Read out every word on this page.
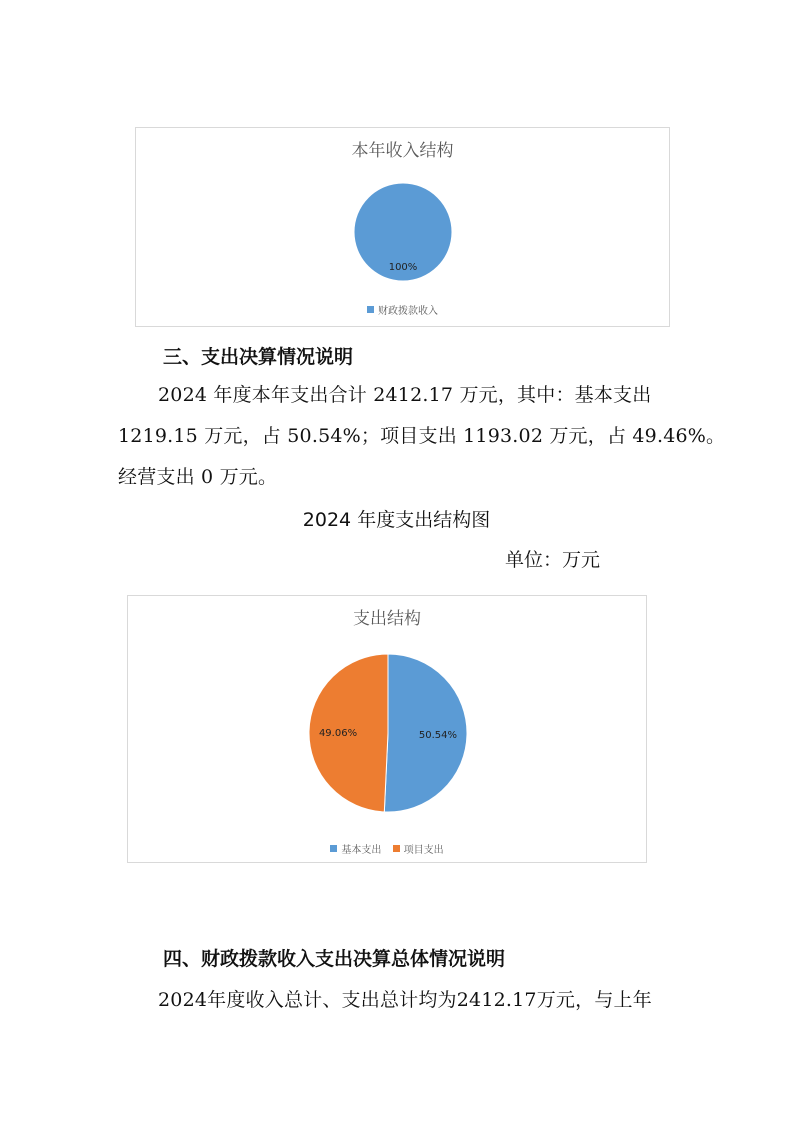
本年收入结构
100%
财政拨款收入
三、支出决算情况说明
2024 年度本年支出合计 2412.17 万元，其中：基本支出
1219.15 万元，占 50.54%；项目支出 1193.02 万元，占 49.46%。
经营支出 0 万元。
2024 年度支出结构图
单位：万元
支出结构
50.54%
49.06%
基本支出
项目支出
四、财政拨款收入支出决算总体情况说明
2024年度收入总计、支出总计均为2412.17万元，与上年
